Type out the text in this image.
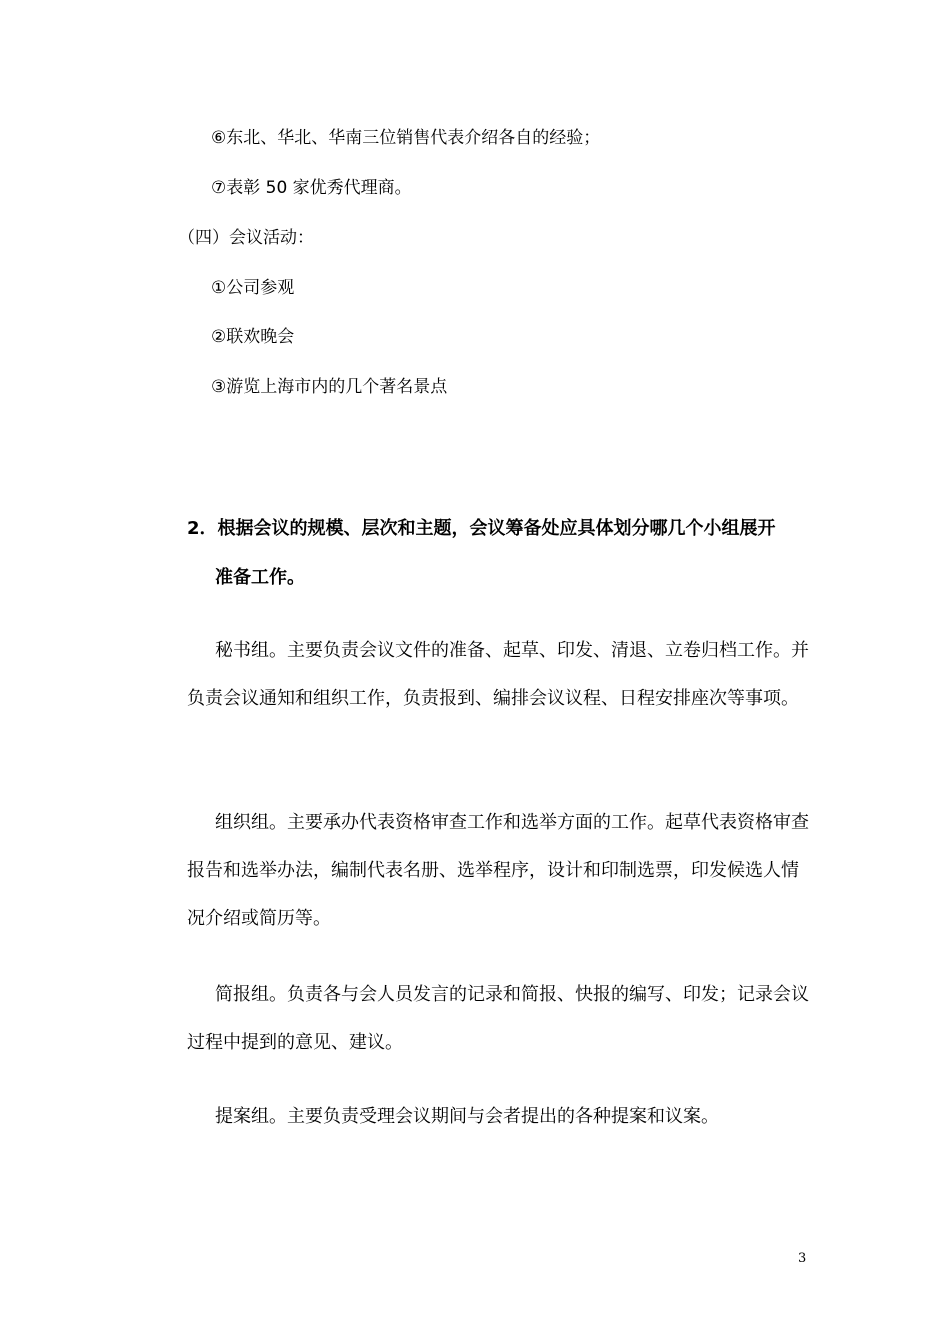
⑥东北、华北、华南三位销售代表介绍各自的经验；
⑦表彰 50 家优秀代理商。
（四）会议活动：
①公司参观
②联欢晚会
③游览上海市内的几个著名景点
2．根据会议的规模、层次和主题，会议筹备处应具体划分哪几个小组展开
准备工作。
秘书组。主要负责会议文件的准备、起草、印发、清退、立卷归档工作。并负责会议通知和组织工作，负责报到、编排会议议程、日程安排座次等事项。
组织组。主要承办代表资格审查工作和选举方面的工作。起草代表资格审查报告和选举办法，编制代表名册、选举程序，设计和印制选票，印发候选人情况介绍或简历等。
简报组。负责各与会人员发言的记录和简报、快报的编写、印发；记录会议过程中提到的意见、建议。
提案组。主要负责受理会议期间与会者提出的各种提案和议案。
3
